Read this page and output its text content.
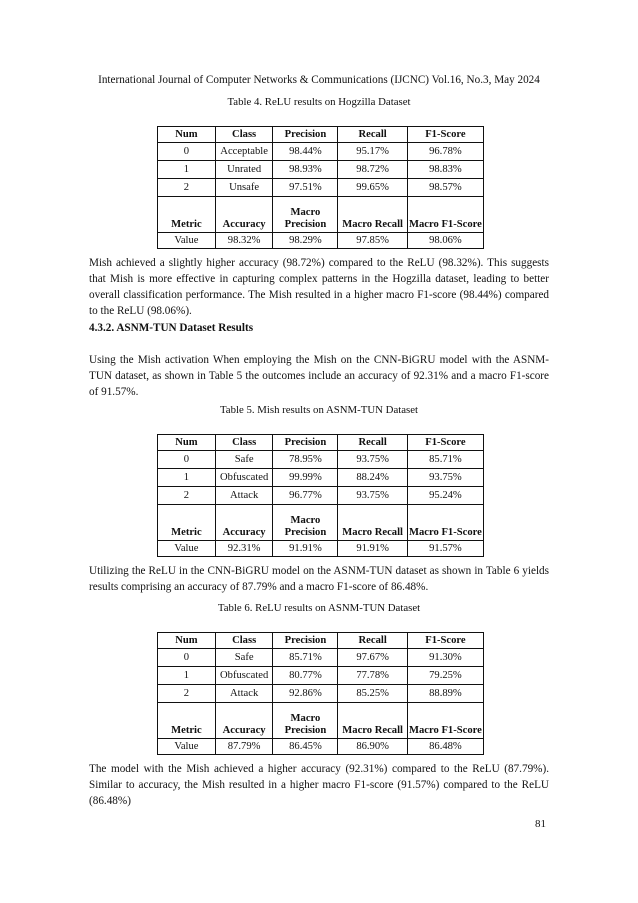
International Journal of Computer Networks & Communications (IJCNC) Vol.16, No.3, May 2024
Table 4. ReLU results on Hogzilla Dataset
Num	Class	Precision	Recall	F1-Score
0	Acceptable	98.44%	95.17%	96.78%
1	Unrated	98.93%	98.72%	98.83%
2	Unsafe	97.51%	99.65%	98.57%
Metric	Accuracy	Macro Precision	Macro Recall	Macro F1-Score
Value	98.32%	98.29%	97.85%	98.06%

Mish achieved a slightly higher accuracy (98.72%) compared to the ReLU (98.32%). This suggests that Mish is more effective in capturing complex patterns in the Hogzilla dataset, leading to better overall classification performance. The Mish resulted in a higher macro F1-score (98.44%) compared to the ReLU (98.06%).

4.3.2. ASNM-TUN Dataset Results

Using the Mish activation When employing the Mish on the CNN-BiGRU model with the ASNM-TUN dataset, as shown in Table 5 the outcomes include an accuracy of 92.31% and a macro F1-score of 91.57%.

Table 5. Mish results on ASNM-TUN Dataset
Num	Class	Precision	Recall	F1-Score
0	Safe	78.95%	93.75%	85.71%
1	Obfuscated	99.99%	88.24%	93.75%
2	Attack	96.77%	93.75%	95.24%
Metric	Accuracy	Macro Precision	Macro Recall	Macro F1-Score
Value	92.31%	91.91%	91.91%	91.57%

Utilizing the ReLU in the CNN-BiGRU model on the ASNM-TUN dataset as shown in Table 6 yields results comprising an accuracy of 87.79% and a macro F1-score of 86.48%.

Table 6. ReLU results on ASNM-TUN Dataset
Num	Class	Precision	Recall	F1-Score
0	Safe	85.71%	97.67%	91.30%
1	Obfuscated	80.77%	77.78%	79.25%
2	Attack	92.86%	85.25%	88.89%
Metric	Accuracy	Macro Precision	Macro Recall	Macro F1-Score
Value	87.79%	86.45%	86.90%	86.48%

The model with the Mish achieved a higher accuracy (92.31%) compared to the ReLU (87.79%). Similar to accuracy, the Mish resulted in a higher macro F1-score (91.57%) compared to the ReLU (86.48%)

81
